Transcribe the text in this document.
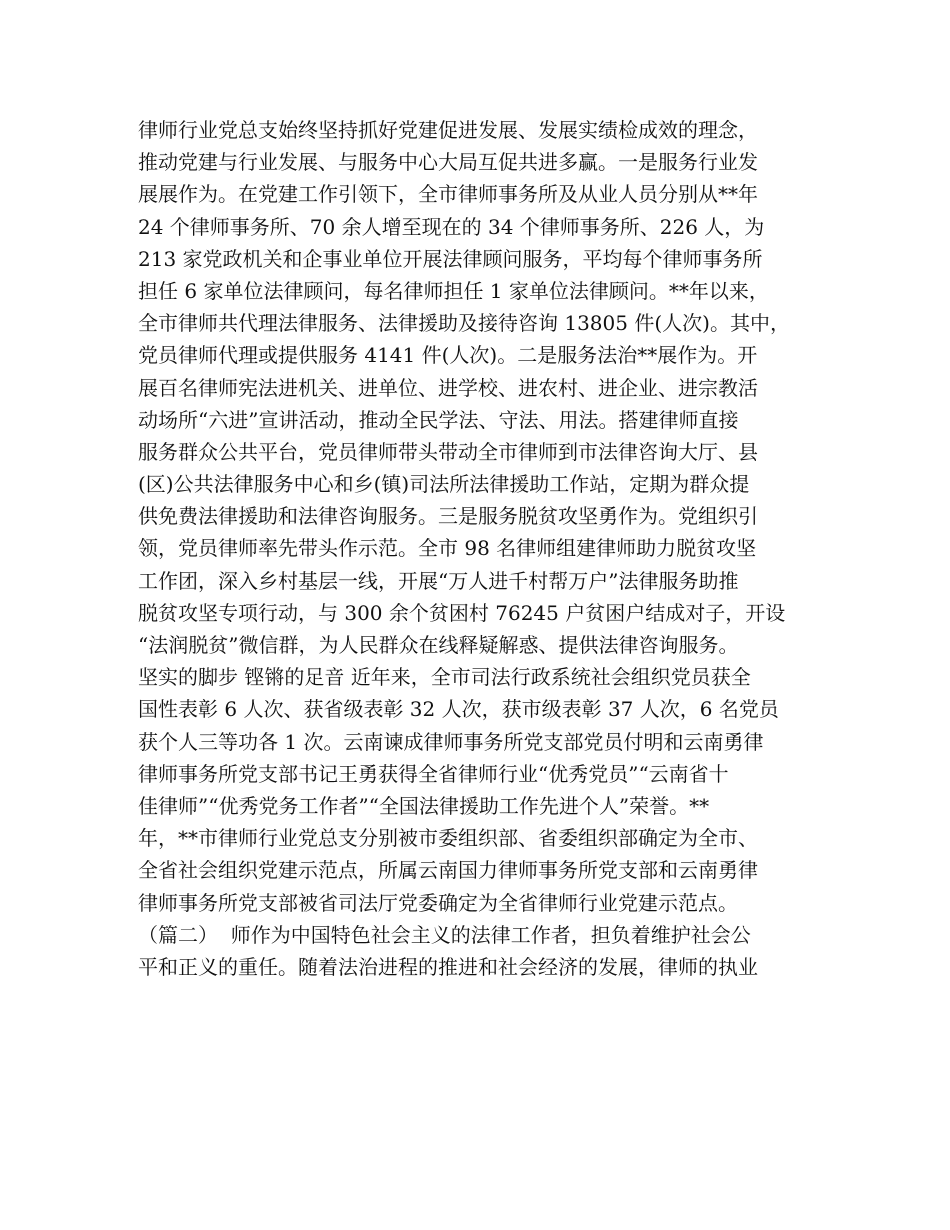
律师行业党总支始终坚持抓好党建促进发展、发展实绩检成效的理念，
推动党建与行业发展、与服务中心大局互促共进多赢。一是服务行业发
展展作为。在党建工作引领下，全市律师事务所及从业人员分别从**年
24 个律师事务所、70 余人增至现在的 34 个律师事务所、226 人，为
213 家党政机关和企事业单位开展法律顾问服务，平均每个律师事务所
担任 6 家单位法律顾问，每名律师担任 1 家单位法律顾问。**年以来，
全市律师共代理法律服务、法律援助及接待咨询 13805 件(人次)。其中，
党员律师代理或提供服务 4141 件(人次)。二是服务法治**展作为。开
展百名律师宪法进机关、进单位、进学校、进农村、进企业、进宗教活
动场所“六进”宣讲活动，推动全民学法、守法、用法。搭建律师直接
服务群众公共平台，党员律师带头带动全市律师到市法律咨询大厅、县
(区)公共法律服务中心和乡(镇)司法所法律援助工作站，定期为群众提
供免费法律援助和法律咨询服务。三是服务脱贫攻坚勇作为。党组织引
领，党员律师率先带头作示范。全市 98 名律师组建律师助力脱贫攻坚
工作团，深入乡村基层一线，开展“万人进千村帮万户”法律服务助推
脱贫攻坚专项行动，与 300 余个贫困村 76245 户贫困户结成对子，开设
“法润脱贫”微信群，为人民群众在线释疑解惑、提供法律咨询服务。
坚实的脚步 铿锵的足音 近年来，全市司法行政系统社会组织党员获全
国性表彰 6 人次、获省级表彰 32 人次，获市级表彰 37 人次，6 名党员
获个人三等功各 1 次。云南谏成律师事务所党支部党员付明和云南勇律
律师事务所党支部书记王勇获得全省律师行业“优秀党员”“云南省十
佳律师”“优秀党务工作者”“全国法律援助工作先进个人”荣誉。**
年，**市律师行业党总支分别被市委组织部、省委组织部确定为全市、
全省社会组织党建示范点，所属云南国力律师事务所党支部和云南勇律
律师事务所党支部被省司法厅党委确定为全省律师行业党建示范点。
（篇二）  师作为中国特色社会主义的法律工作者，担负着维护社会公
平和正义的重任。随着法治进程的推进和社会经济的发展，律师的执业
